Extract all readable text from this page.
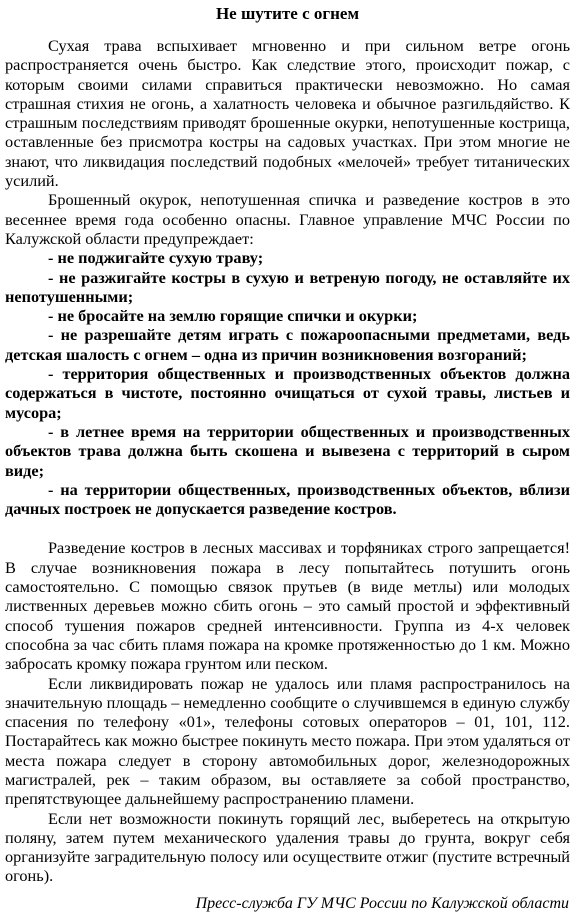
Не шутите с огнем

Сухая трава вспыхивает мгновенно и при сильном ветре огонь распространяется очень быстро. Как следствие этого, происходит пожар, с которым своими силами справиться практически невозможно. Но самая страшная стихия не огонь, а халатность человека и обычное разгильдяйство. К страшным последствиям приводят брошенные окурки, непотушенные кострища, оставленные без присмотра костры на садовых участках. При этом многие не знают, что ликвидация последствий подобных «мелочей» требует титанических усилий.

Брошенный окурок, непотушенная спичка и разведение костров в это весеннее время года особенно опасны. Главное управление МЧС России по Калужской области предупреждает:

- не поджигайте сухую траву;

- не разжигайте костры в сухую и ветреную погоду, не оставляйте их непотушенными;

- не бросайте на землю горящие спички и окурки;

- не разрешайте детям играть с пожароопасными предметами, ведь детская шалость с огнем – одна из причин возникновения возгораний;

- территория общественных и производственных объектов должна содержаться в чистоте, постоянно очищаться от сухой травы, листьев и мусора;

- в летнее время на территории общественных и производственных объектов трава должна быть скошена и вывезена с территорий в сыром виде;

- на территории общественных, производственных объектов, вблизи дачных построек не допускается разведение костров.

Разведение костров в лесных массивах и торфяниках строго запрещается! В случае возникновения пожара в лесу попытайтесь потушить огонь самостоятельно. С помощью связок прутьев (в виде метлы) или молодых лиственных деревьев можно сбить огонь – это самый простой и эффективный способ тушения пожаров средней интенсивности. Группа из 4-х человек способна за час сбить пламя пожара на кромке протяженностью до 1 км. Можно забросать кромку пожара грунтом или песком.

Если ликвидировать пожар не удалось или пламя распространилось на значительную площадь – немедленно сообщите о случившемся в единую службу спасения по телефону «01», телефоны сотовых операторов – 01, 101, 112. Постарайтесь как можно быстрее покинуть место пожара. При этом удаляться от места пожара следует в сторону автомобильных дорог, железнодорожных магистралей, рек – таким образом, вы оставляете за собой пространство, препятствующее дальнейшему распространению пламени.

Если нет возможности покинуть горящий лес, выберетесь на открытую поляну, затем путем механического удаления травы до грунта, вокруг себя организуйте заградительную полосу или осуществите отжиг (пустите встречный огонь).

Пресс-служба ГУ МЧС России по Калужской области
